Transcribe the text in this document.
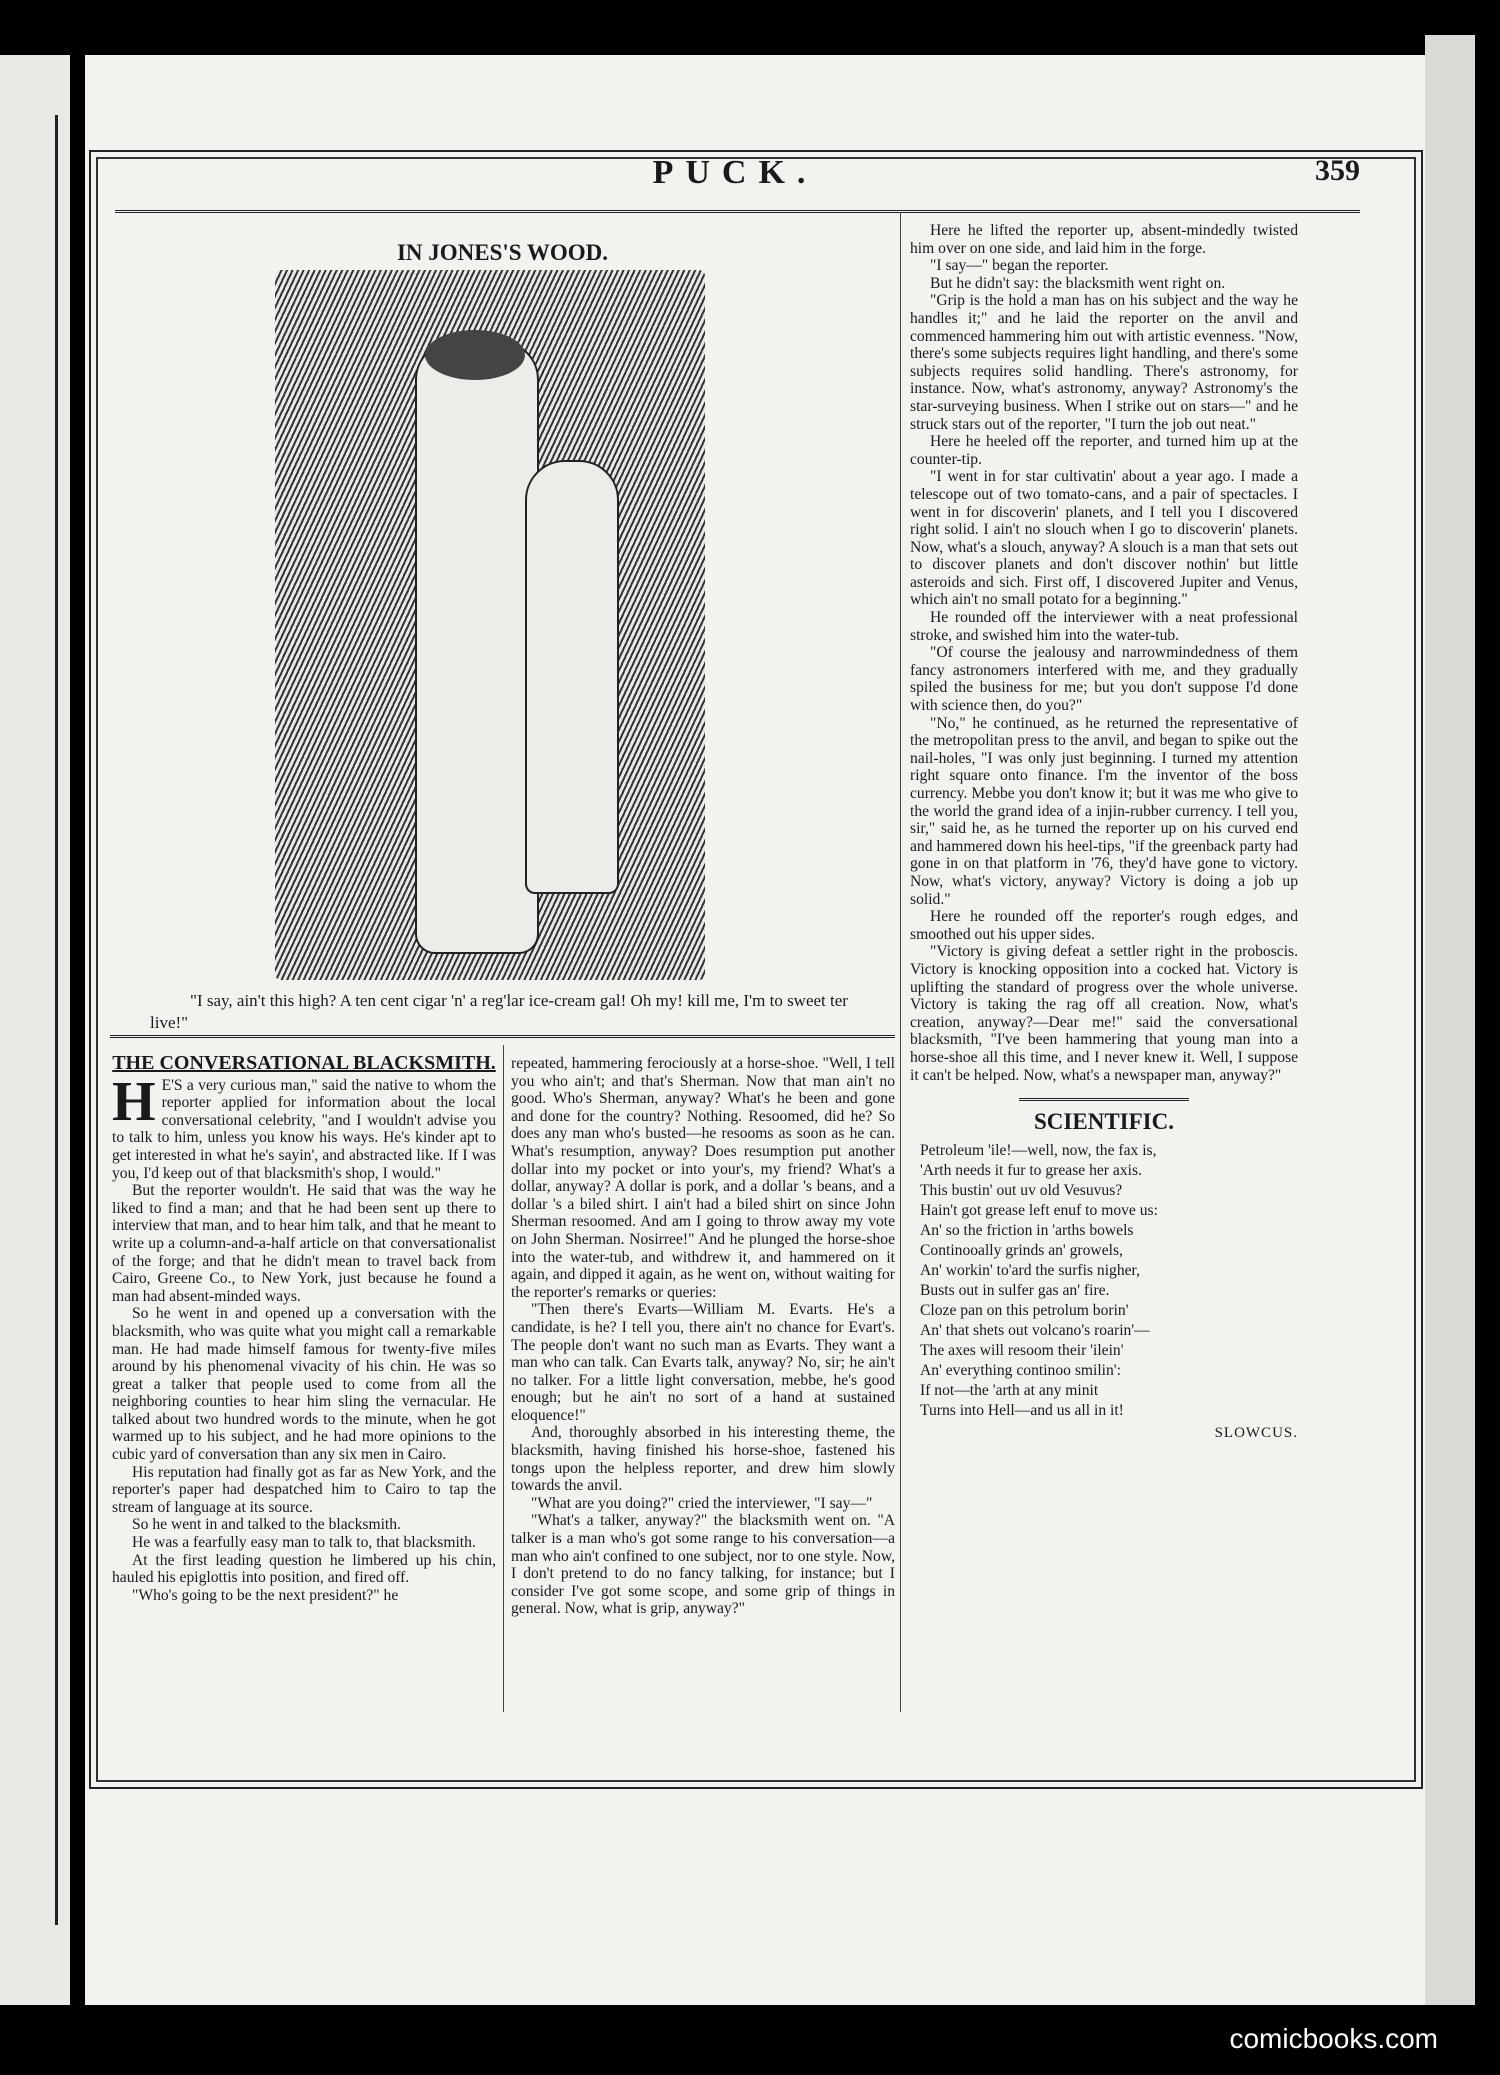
PUCK.	359
IN JONES'S WOOD.
"I say, ain't this high? A ten cent cigar 'n' a reg'lar ice-cream gal! Oh my! kill me, I'm to sweet ter live!"
THE CONVERSATIONAL BLACKSMITH.
H E'S a very curious man," said the native to whom the reporter applied for information about the local conversational celebrity, "and I wouldn't advise you to talk to him, unless you know his ways. He's kinder apt to get interested in what he's sayin', and abstracted like. If I was you, I'd keep out of that blacksmith's shop, I would."

But the reporter wouldn't. He said that was the way he liked to find a man; and that he had been sent up there to interview that man, and to hear him talk, and that he meant to write up a column-and-a-half article on that conversationalist of the forge; and that he didn't mean to travel back from Cairo, Greene Co., to New York, just because he found a man had absent-minded ways.

So he went in and opened up a conversation with the blacksmith, who was quite what you might call a remarkable man. He had made himself famous for twenty-five miles around by his phenomenal vivacity of his chin. He was so great a talker that people used to come from all the neighboring counties to hear him sling the vernacular. He talked about two hundred words to the minute, when he got warmed up to his subject, and he had more opinions to the cubic yard of conversation than any six men in Cairo.

His reputation had finally got as far as New York, and the reporter's paper had despatched him to Cairo to tap the stream of language at its source.

So he went in and talked to the blacksmith.

He was a fearfully easy man to talk to, that blacksmith.

At the first leading question he limbered up his chin, hauled his epiglottis into position, and fired off.

"Who's going to be the next president?" he

repeated, hammering ferociously at a horse-shoe. "Well, I tell you who ain't; and that's Sherman. Now that man ain't no good. Who's Sherman, anyway? What's he been and gone and done for the country? Nothing. Resoomed, did he? So does any man who's busted—he resooms as soon as he can. What's resumption, anyway? Does resumption put another dollar into my pocket or into your's, my friend? What's a dollar, anyway? A dollar is pork, and a dollar 's beans, and a dollar 's a biled shirt. I ain't had a biled shirt on since John Sherman resoomed. And am I going to throw away my vote on John Sherman. Nosirree!" And he plunged the horse-shoe into the water-tub, and withdrew it, and hammered on it again, and dipped it again, as he went on, without waiting for the reporter's remarks or queries:

"Then there's Evarts—William M. Evarts. He's a candidate, is he? I tell you, there ain't no chance for Evart's. The people don't want no such man as Evarts. They want a man who can talk. Can Evarts talk, anyway? No, sir; he ain't no talker. For a little light conversation, mebbe, he's good enough; but he ain't no sort of a hand at sustained eloquence!"

And, thoroughly absorbed in his interesting theme, the blacksmith, having finished his horse-shoe, fastened his tongs upon the helpless reporter, and drew him slowly towards the anvil.

"What are you doing?" cried the interviewer, "I say—"

"What's a talker, anyway?" the blacksmith went on. "A talker is a man who's got some range to his conversation—a man who ain't confined to one subject, nor to one style. Now, I don't pretend to do no fancy talking, for instance; but I consider I've got some scope, and some grip of things in general. Now, what is grip, anyway?"

Here he lifted the reporter up, absent-mindedly twisted him over on one side, and laid him in the forge.

"I say—" began the reporter.

But he didn't say: the blacksmith went right on.

"Grip is the hold a man has on his subject and the way he handles it;" and he laid the reporter on the anvil and commenced hammering him out with artistic evenness. "Now, there's some subjects requires light handling, and there's some subjects requires solid handling. There's astronomy, for instance. Now, what's astronomy, anyway? Astronomy's the star-surveying business. When I strike out on stars—" and he struck stars out of the reporter, "I turn the job out neat."

Here he heeled off the reporter, and turned him up at the counter-tip.

"I went in for star cultivatin' about a year ago. I made a telescope out of two tomato-cans, and a pair of spectacles. I went in for discoverin' planets, and I tell you I discovered right solid. I ain't no slouch when I go to discoverin' planets. Now, what's a slouch, anyway? A slouch is a man that sets out to discover planets and don't discover nothin' but little asteroids and sich. First off, I discovered Jupiter and Venus, which ain't no small potato for a beginning."

He rounded off the interviewer with a neat professional stroke, and swished him into the water-tub.

"Of course the jealousy and narrowmindedness of them fancy astronomers interfered with me, and they gradually spiled the business for me; but you don't suppose I'd done with science then, do you?"

"No," he continued, as he returned the representative of the metropolitan press to the anvil, and began to spike out the nail-holes, "I was only just beginning. I turned my attention right square onto finance. I'm the inventor of the boss currency. Mebbe you don't know it; but it was me who give to the world the grand idea of a injin-rubber currency. I tell you, sir," said he, as he turned the reporter up on his curved end and hammered down his heel-tips, "if the greenback party had gone in on that platform in '76, they'd have gone to victory. Now, what's victory, anyway? Victory is doing a job up solid."

Here he rounded off the reporter's rough edges, and smoothed out his upper sides.

"Victory is giving defeat a settler right in the proboscis. Victory is knocking opposition into a cocked hat. Victory is uplifting the standard of progress over the whole universe. Victory is taking the rag off all creation. Now, what's creation, anyway?—Dear me!" said the conversational blacksmith, "I've been hammering that young man into a horse-shoe all this time, and I never knew it. Well, I suppose it can't be helped. Now, what's a newspaper man, anyway?"

SCIENTIFIC.
Petroleum 'ile!—well, now, the fax is,
'Arth needs it fur to grease her axis.
This bustin' out uv old Vesuvus?
Hain't got grease left enuf to move us:
An' so the friction in 'arths bowels
Continooally grinds an' growels,
An' workin' to'ard the surfis nigher,
Busts out in sulfer gas an' fire.
Cloze pan on this petrolum borin'
An' that shets out volcano's roarin'—
The axes will resoom their 'ilein'
An' everything continoo smilin':
If not—the 'arth at any minit
Turns into Hell—and us all in it!
SLOWCUS.
comicbooks.com
